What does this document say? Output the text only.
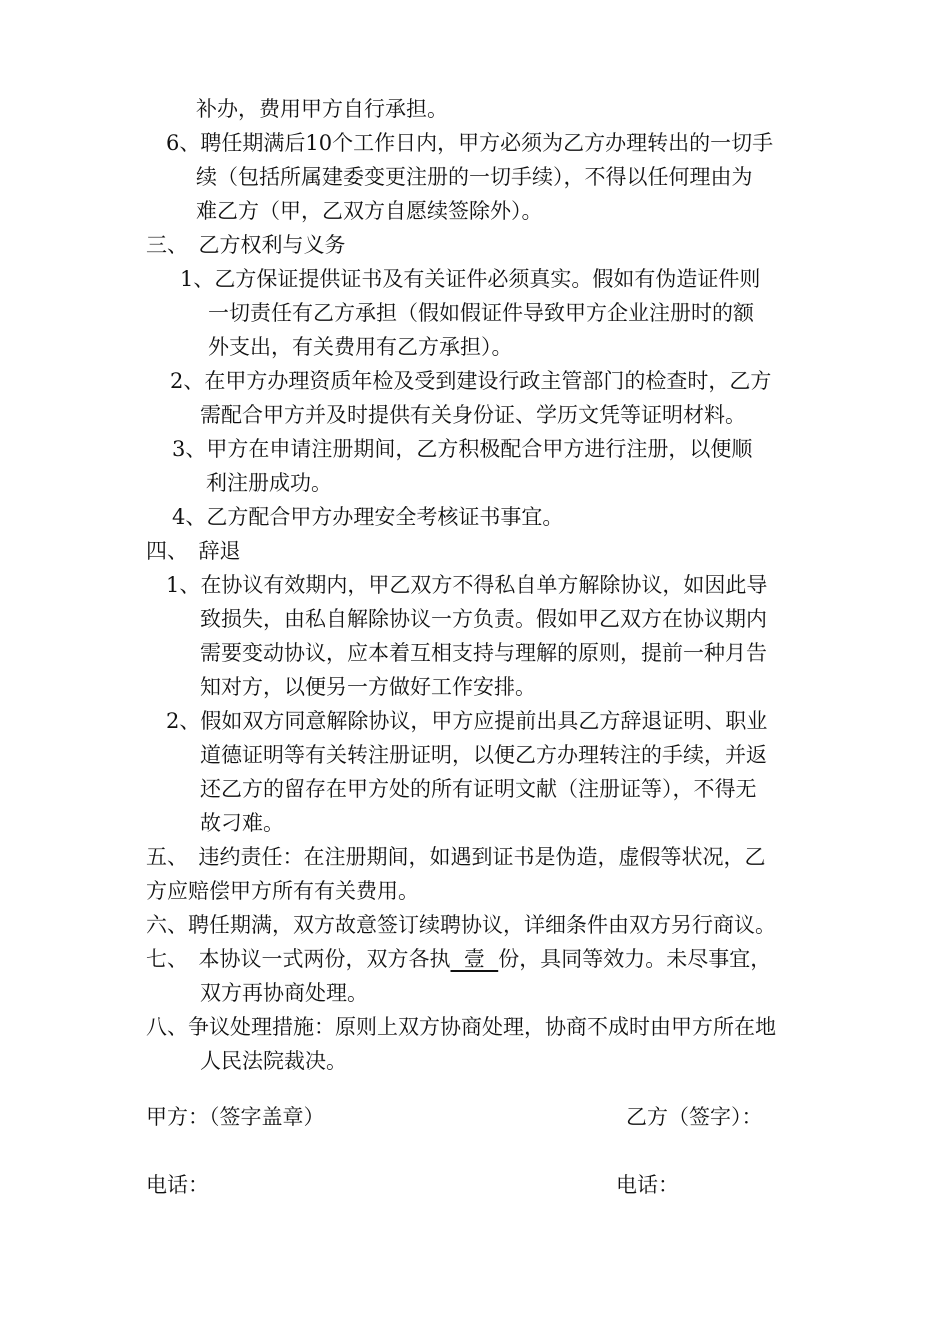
补办，费用甲方自行承担。
6、聘任期满后10个工作日内，甲方必须为乙方办理转出的一切手
续（包括所属建委变更注册的一切手续），不得以任何理由为
难乙方（甲，乙双方自愿续签除外）。
三、　乙方权利与义务
1、乙方保证提供证书及有关证件必须真实。假如有伪造证件则
一切责任有乙方承担（假如假证件导致甲方企业注册时的额
外支出，有关费用有乙方承担）。
2、在甲方办理资质年检及受到建设行政主管部门的检查时，乙方
需配合甲方并及时提供有关身份证、学历文凭等证明材料。
3、甲方在申请注册期间，乙方积极配合甲方进行注册，以便顺
利注册成功。
4、乙方配合甲方办理安全考核证书事宜。
四、　辞退
1、在协议有效期内，甲乙双方不得私自单方解除协议，如因此导
致损失，由私自解除协议一方负责。假如甲乙双方在协议期内
需要变动协议，应本着互相支持与理解的原则，提前一种月告
知对方，以便另一方做好工作安排。
2、假如双方同意解除协议，甲方应提前出具乙方辞退证明、职业
道德证明等有关转注册证明，以便乙方办理转注的手续，并返
还乙方的留存在甲方处的所有证明文献（注册证等），不得无
故刁难。
五、　违约责任：在注册期间，如遇到证书是伪造，虚假等状况，乙
方应赔偿甲方所有有关费用。
六、聘任期满，双方故意签订续聘协议，详细条件由双方另行商议。
七、　本协议一式两份，双方各执  壹  份，具同等效力。未尽事宜，
双方再协商处理。
八、争议处理措施：原则上双方协商处理，协商不成时由甲方所在地
人民法院裁决。
甲方：（签字盖章）	乙方（签字）：
电话：	电话：
